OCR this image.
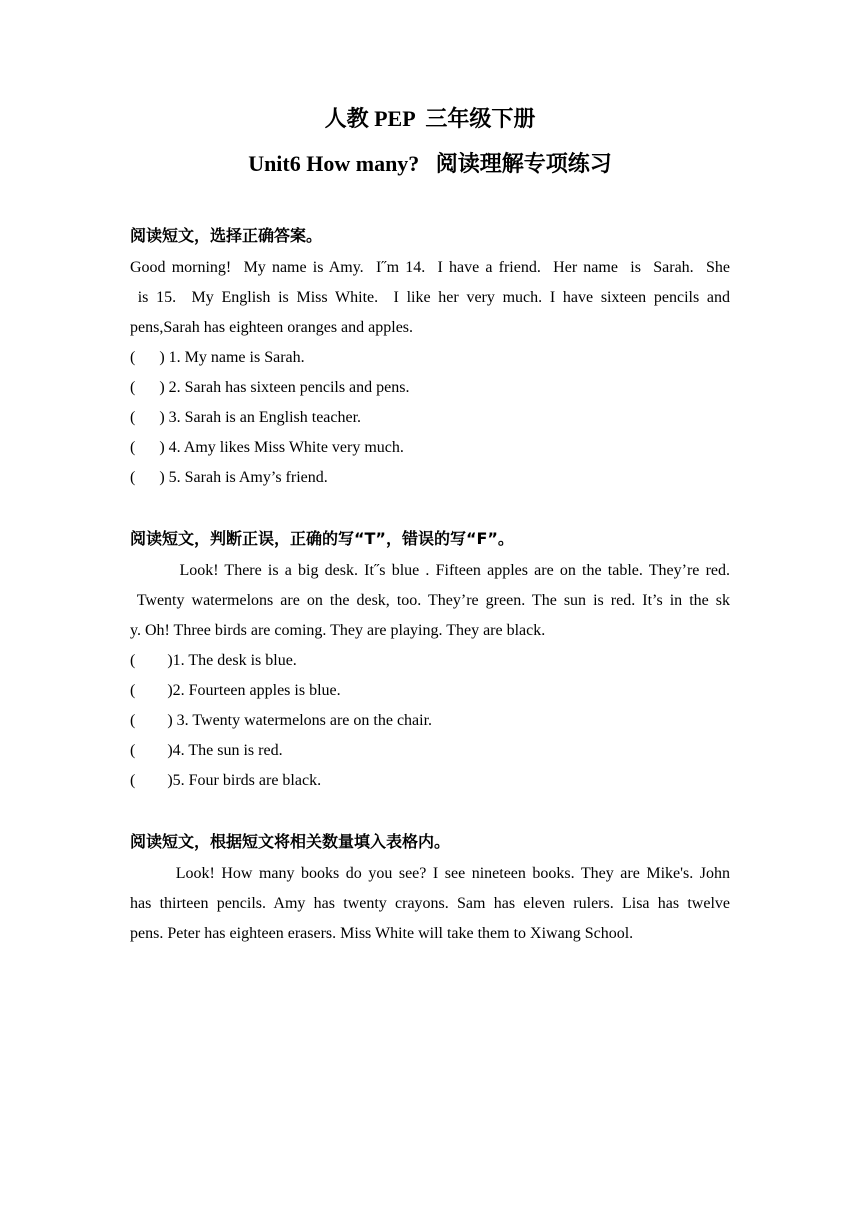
人教 PEP  三年级下册
Unit6 How many?   阅读理解专项练习
阅读短文，选择正确答案。
Good morning!  My name is Amy.  I˝m 14.  I have a friend.  Her name  is  Sarah.  She
is 15.  My English is Miss White.  I like her very much. I have sixteen pencils and
pens,Sarah has eighteen oranges and apples.
(      ) 1. My name is Sarah.
(      ) 2. Sarah has sixteen pencils and pens.
(      ) 3. Sarah is an English teacher.
(      ) 4. Amy likes Miss White very much.
(      ) 5. Sarah is Amy’s friend.
阅读短文，判断正误，正确的写“T”，错误的写“F”。
Look! There is a big desk. It˝s blue . Fifteen apples are on the table. They’re red.
Twenty watermelons are on the desk, too. They’re green. The sun is red. It’s in the sk
y. Oh! Three birds are coming. They are playing. They are black.
(        )1. The desk is blue.
(        )2. Fourteen apples is blue.
(        ) 3. Twenty watermelons are on the chair.
(        )4. The sun is red.
(        )5. Four birds are black.
阅读短文，根据短文将相关数量填入表格内。
Look! How many books do you see? I see nineteen books. They are Mike's. John
has thirteen pencils. Amy has twenty crayons. Sam has eleven rulers. Lisa has twelve
pens. Peter has eighteen erasers. Miss White will take them to Xiwang School.
